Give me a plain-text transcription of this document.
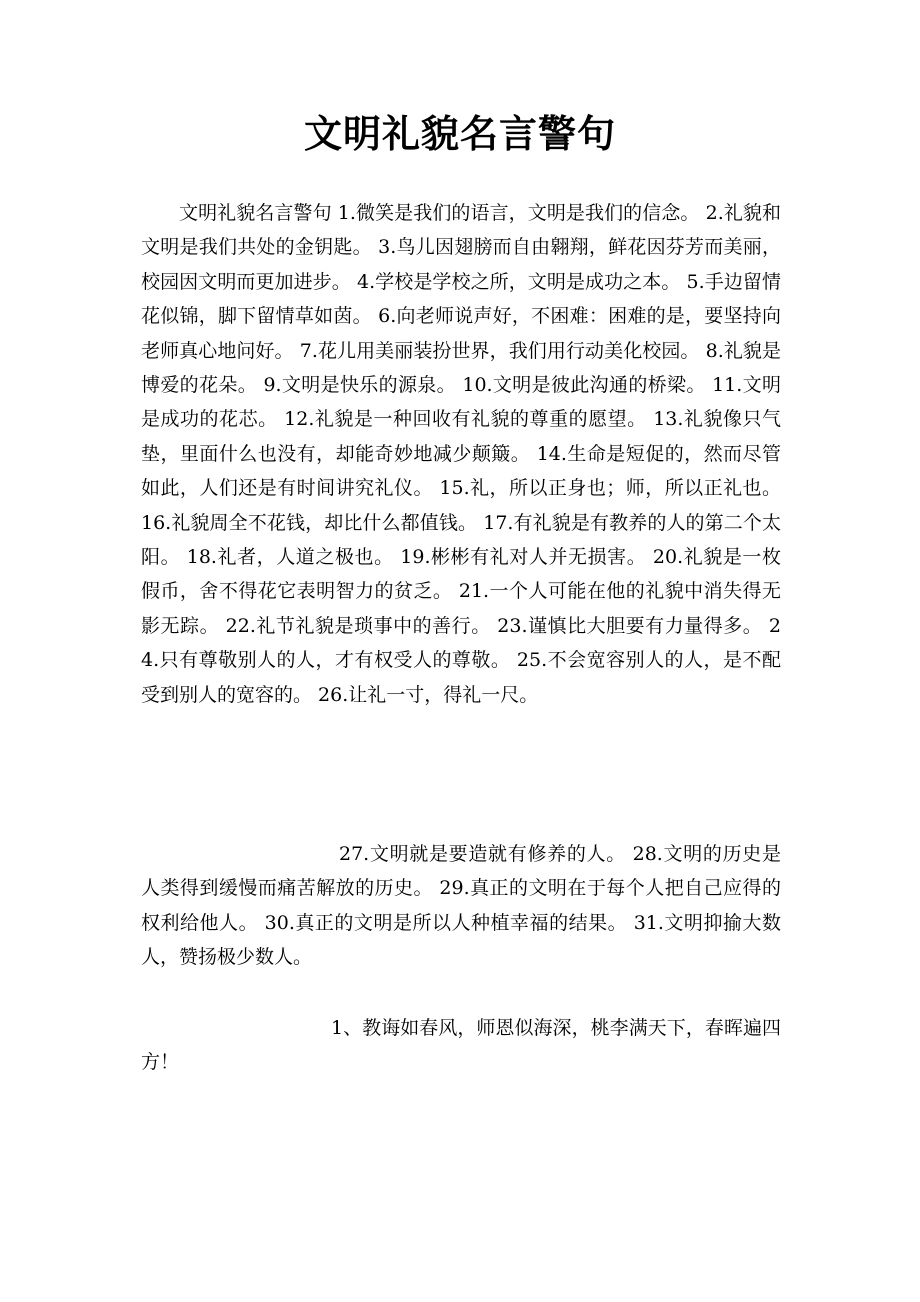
文明礼貌名言警句

文明礼貌名言警句 1.微笑是我们的语言，文明是我们的信念。 2.礼貌和文明是我们共处的金钥匙。 3.鸟儿因翅膀而自由翱翔，鲜花因芬芳而美丽，校园因文明而更加进步。 4.学校是学校之所，文明是成功之本。 5.手边留情花似锦，脚下留情草如茵。 6.向老师说声好，不困难：困难的是，要坚持向老师真心地问好。 7.花儿用美丽装扮世界，我们用行动美化校园。 8.礼貌是博爱的花朵。 9.文明是快乐的源泉。 10.文明是彼此沟通的桥梁。 11.文明是成功的花芯。 12.礼貌是一种回收有礼貌的尊重的愿望。 13.礼貌像只气垫，里面什么也没有，却能奇妙地减少颠簸。 14.生命是短促的，然而尽管如此，人们还是有时间讲究礼仪。 15.礼，所以正身也；师，所以正礼也。 16.礼貌周全不花钱，却比什么都值钱。 17.有礼貌是有教养的人的第二个太阳。 18.礼者，人道之极也。 19.彬彬有礼对人并无损害。 20.礼貌是一枚假币，舍不得花它表明智力的贫乏。 21.一个人可能在他的礼貌中消失得无影无踪。 22.礼节礼貌是琐事中的善行。 23.谨慎比大胆要有力量得多。 24.只有尊敬别人的人，才有权受人的尊敬。 25.不会宽容别人的人，是不配受到别人的宽容的。 26.让礼一寸，得礼一尺。

27.文明就是要造就有修养的人。 28.文明的历史是人类得到缓慢而痛苦解放的历史。 29.真正的文明在于每个人把自己应得的权利给他人。 30.真正的文明是所以人种植幸福的结果。 31.文明抑揄大数人，赞扬极少数人。

1、教诲如春风，师恩似海深，桃李满天下，春晖遍四方！
